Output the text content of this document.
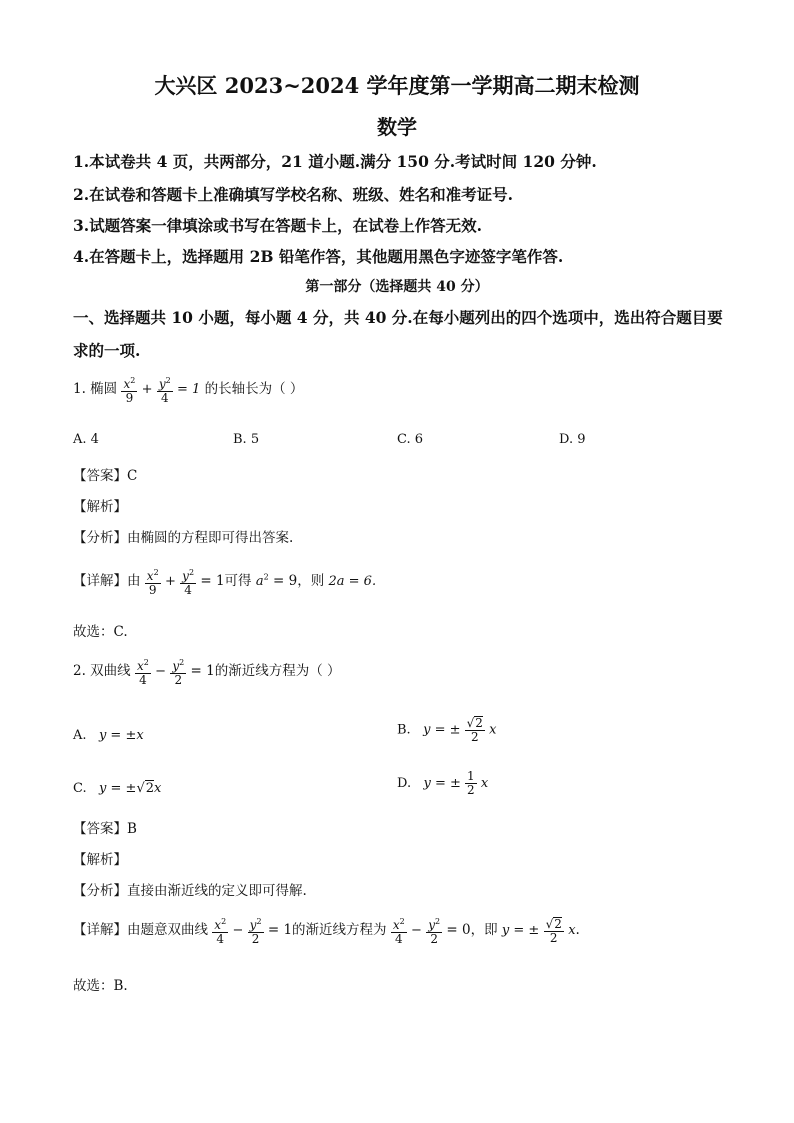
大兴区 2023~2024 学年度第一学期高二期末检测
数学
1.本试卷共 4 页，共两部分，21 道小题.满分 150 分.考试时间 120 分钟.
2.在试卷和答题卡上准确填写学校名称、班级、姓名和准考证号.
3.试题答案一律填涂或书写在答题卡上，在试卷上作答无效.
4.在答题卡上，选择题用 2B 铅笔作答，其他题用黑色字迹签字笔作答.
第一部分（选择题共 40 分）
一、选择题共 10 小题，每小题 4 分，共 40 分.在每小题列出的四个选项中，选出符合题目要
求的一项.
1. 椭圆 $\frac{x^2}{9} + \frac{y^2}{4} = 1$ 的长轴长为（ ）
A. 4	B. 5	C. 6	D. 9
【答案】C
【解析】
【分析】由椭圆的方程即可得出答案.
【详解】由 $\frac{x^2}{9} + \frac{y^2}{4} = 1$可得 $a^2 = 9$，则 2a = 6.
故选：C.
2. 双曲线 $\frac{x^2}{4} - \frac{y^2}{2} = 1$的渐近线方程为（ ）
A. y = ±x	B. y = ± $\frac{√2}{2}$ x
C. y = ±√2x	D. y = ± $\frac{1}{2}$ x
【答案】B
【解析】
【分析】直接由渐近线的定义即可得解.
【详解】由题意双曲线 $\frac{x^2}{4} - \frac{y^2}{2} = 1$的渐近线方程为 $\frac{x^2}{4} - \frac{y^2}{2} = 0$，即 y = ± $\frac{√2}{2} x$.
故选：B.
